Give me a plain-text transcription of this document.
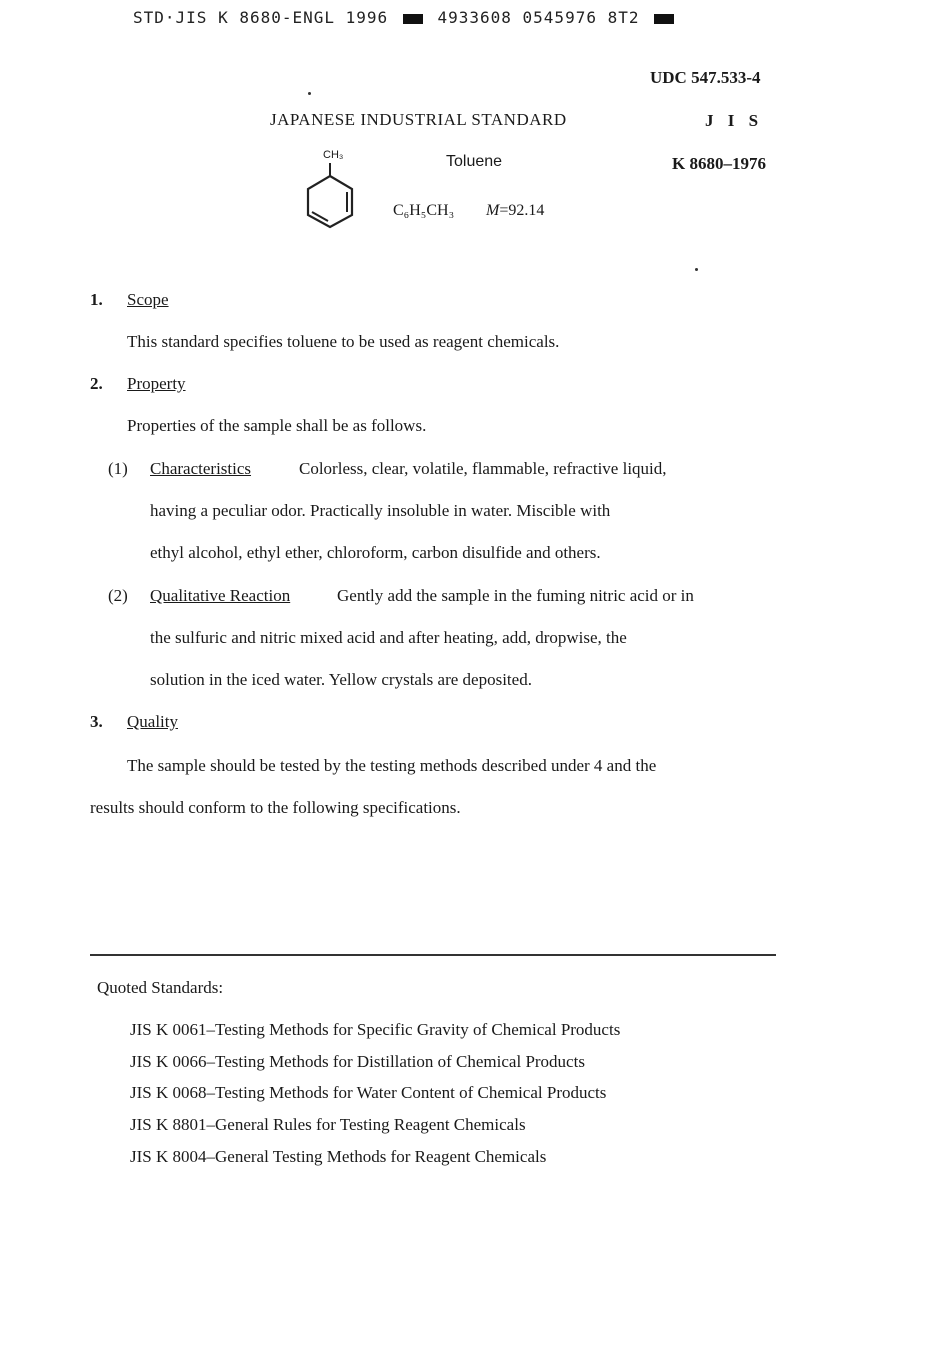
STD·JIS K 8680-ENGL 1996	4933608 0545976 8T2
UDC 547.533-4
J I S
K 8680–1976
JAPANESE INDUSTRIAL STANDARD
CH₃	Toluene
C₆H₅CH₃ M=92.14
1. Scope
This standard specifies toluene to be used as reagent chemicals.
2. Property
Properties of the sample shall be as follows.
(1) Characteristics	Colorless, clear, volatile, flammable, refractive liquid,
having a peculiar odor. Practically insoluble in water. Miscible with
ethyl alcohol, ethyl ether, chloroform, carbon disulfide and others.
(2) Qualitative Reaction	Gently add the sample in the fuming nitric acid or in
the sulfuric and nitric mixed acid and after heating, add, dropwise, the
solution in the iced water. Yellow crystals are deposited.
3. Quality
The sample should be tested by the testing methods described under 4 and the
results should conform to the following specifications.
Quoted Standards:
JIS K 0061–Testing Methods for Specific Gravity of Chemical Products
JIS K 0066–Testing Methods for Distillation of Chemical Products
JIS K 0068–Testing Methods for Water Content of Chemical Products
JIS K 8801–General Rules for Testing Reagent Chemicals
JIS K 8004–General Testing Methods for Reagent Chemicals
